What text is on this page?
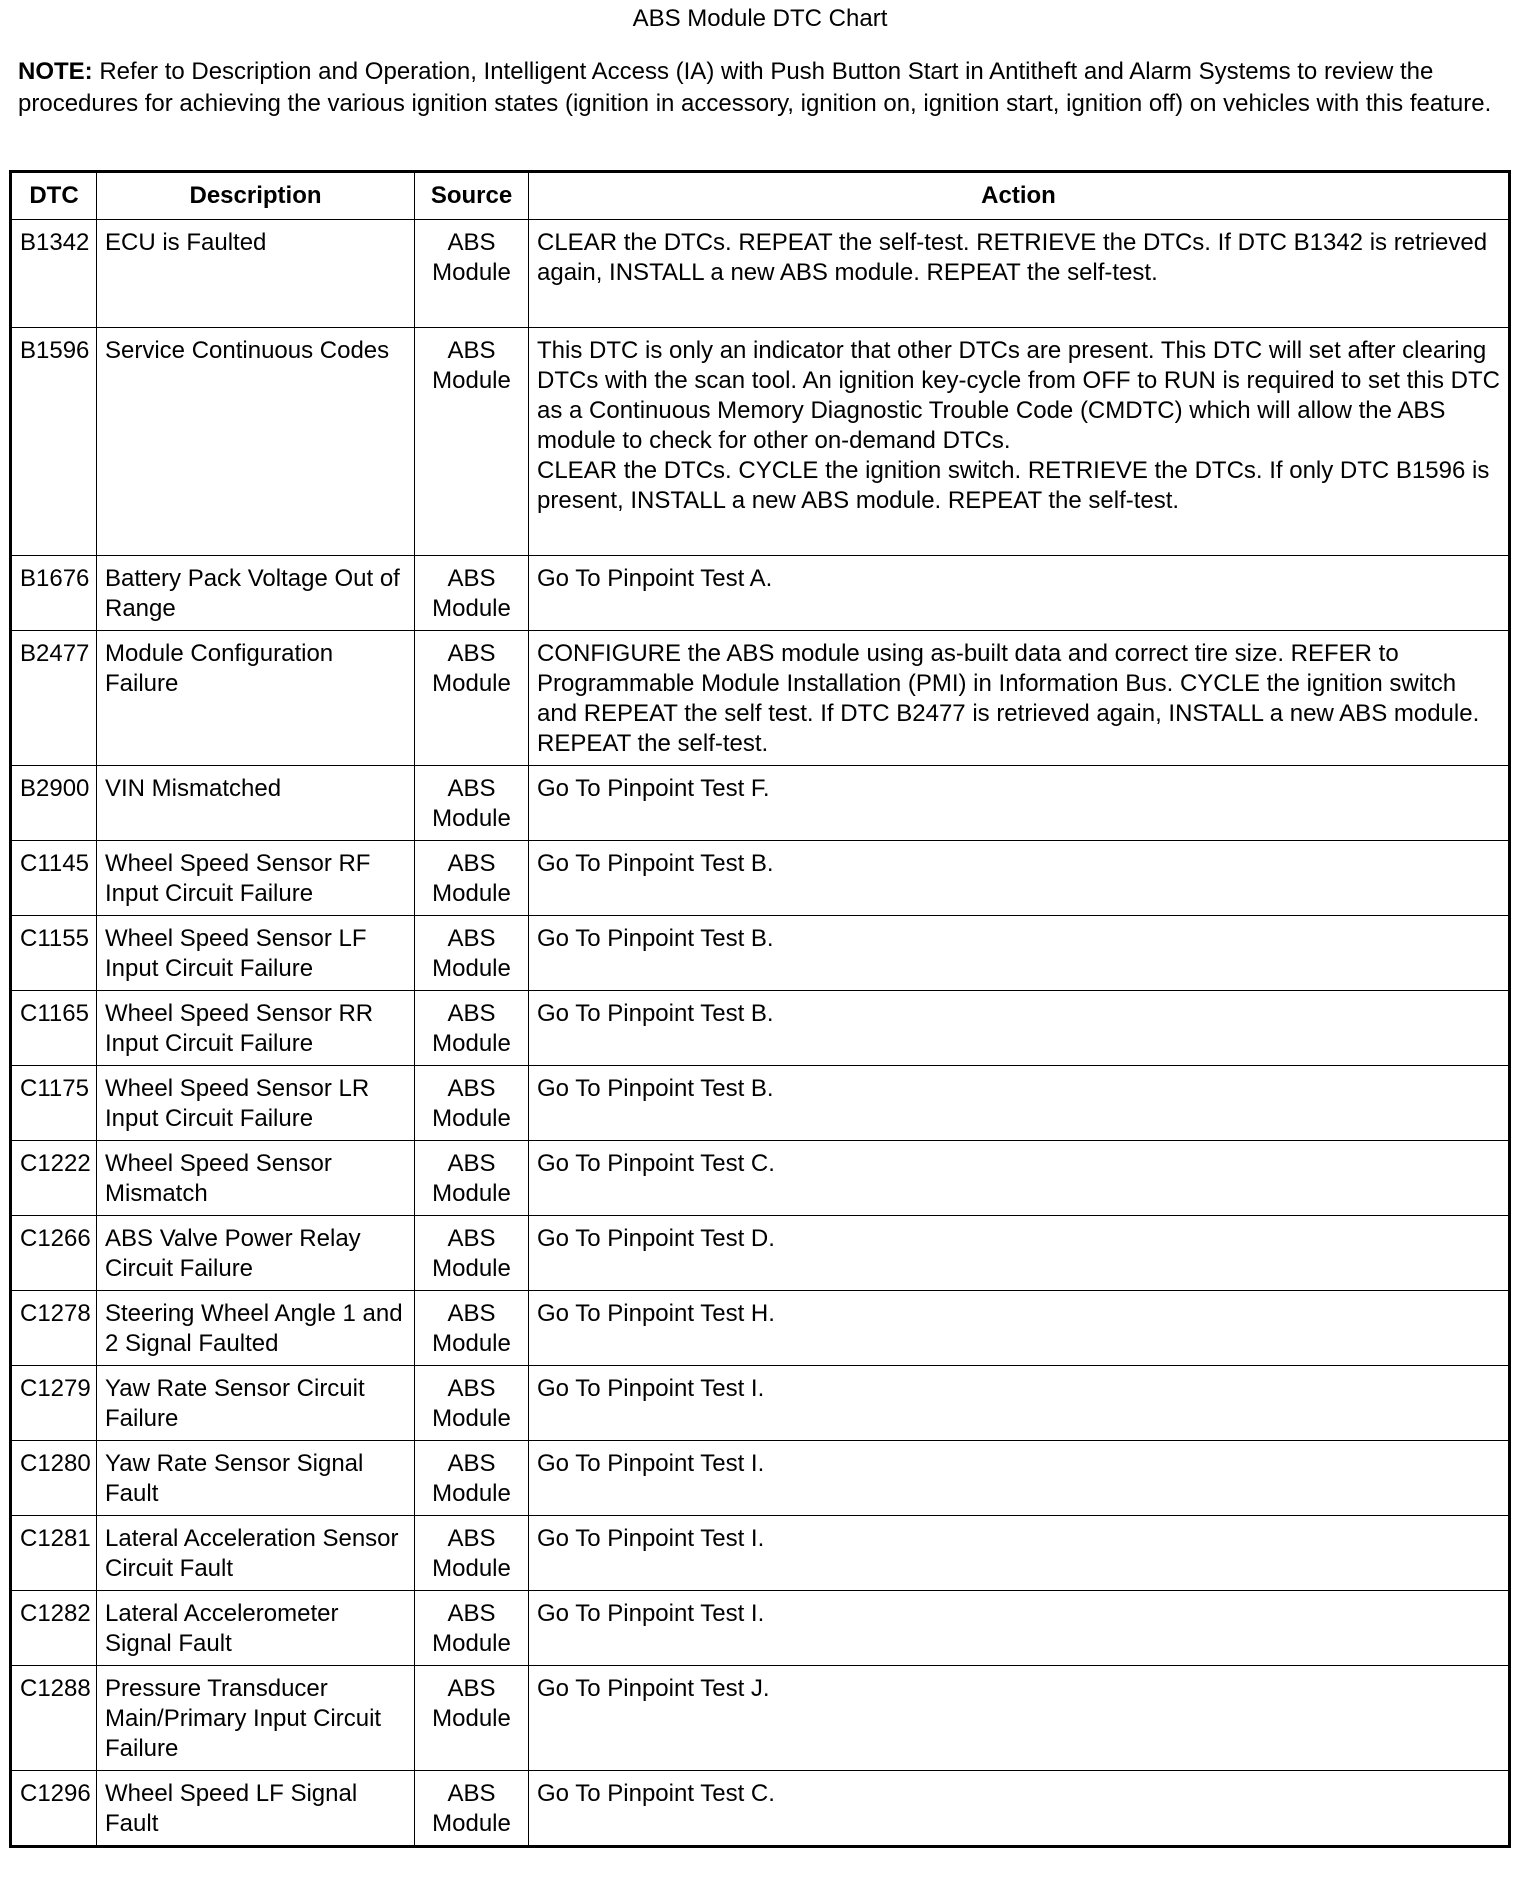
ABS Module DTC Chart
NOTE: Refer to Description and Operation, Intelligent Access (IA) with Push Button Start in Antitheft and Alarm Systems to review the procedures for achieving the various ignition states (ignition in accessory, ignition on, ignition start, ignition off) on vehicles with this feature.
DTC	Description	Source	Action
B1342	ECU is Faulted	ABS Module	CLEAR the DTCs. REPEAT the self-test. RETRIEVE the DTCs. If DTC B1342 is retrieved again, INSTALL a new ABS module. REPEAT the self-test.
B1596	Service Continuous Codes	ABS Module	This DTC is only an indicator that other DTCs are present. This DTC will set after clearing DTCs with the scan tool. An ignition key-cycle from OFF to RUN is required to set this DTC as a Continuous Memory Diagnostic Trouble Code (CMDTC) which will allow the ABS module to check for other on-demand DTCs.
CLEAR the DTCs. CYCLE the ignition switch. RETRIEVE the DTCs. If only DTC B1596 is present, INSTALL a new ABS module. REPEAT the self-test.

B1676	Battery Pack Voltage Out of Range	ABS Module	Go To Pinpoint Test A.
B2477	Module Configuration Failure	ABS Module	CONFIGURE the ABS module using as-built data and correct tire size. REFER to Programmable Module Installation (PMI) in Information Bus. CYCLE the ignition switch and REPEAT the self test. If DTC B2477 is retrieved again, INSTALL a new ABS module. REPEAT the self-test.
B2900	VIN Mismatched	ABS Module	Go To Pinpoint Test F.
C1145	Wheel Speed Sensor RF Input Circuit Failure	ABS Module	Go To Pinpoint Test B.
C1155	Wheel Speed Sensor LF Input Circuit Failure	ABS Module	Go To Pinpoint Test B.
C1165	Wheel Speed Sensor RR Input Circuit Failure	ABS Module	Go To Pinpoint Test B.
C1175	Wheel Speed Sensor LR Input Circuit Failure	ABS Module	Go To Pinpoint Test B.
C1222	Wheel Speed Sensor Mismatch	ABS Module	Go To Pinpoint Test C.
C1266	ABS Valve Power Relay Circuit Failure	ABS Module	Go To Pinpoint Test D.
C1278	Steering Wheel Angle 1 and 2 Signal Faulted	ABS Module	Go To Pinpoint Test H.
C1279	Yaw Rate Sensor Circuit Failure	ABS Module	Go To Pinpoint Test I.
C1280	Yaw Rate Sensor Signal Fault	ABS Module	Go To Pinpoint Test I.
C1281	Lateral Acceleration Sensor Circuit Fault	ABS Module	Go To Pinpoint Test I.
C1282	Lateral Accelerometer Signal Fault	ABS Module	Go To Pinpoint Test I.
C1288	Pressure Transducer Main/Primary Input Circuit Failure	ABS Module	Go To Pinpoint Test J.
C1296	Wheel Speed LF Signal Fault	ABS Module	Go To Pinpoint Test C.
